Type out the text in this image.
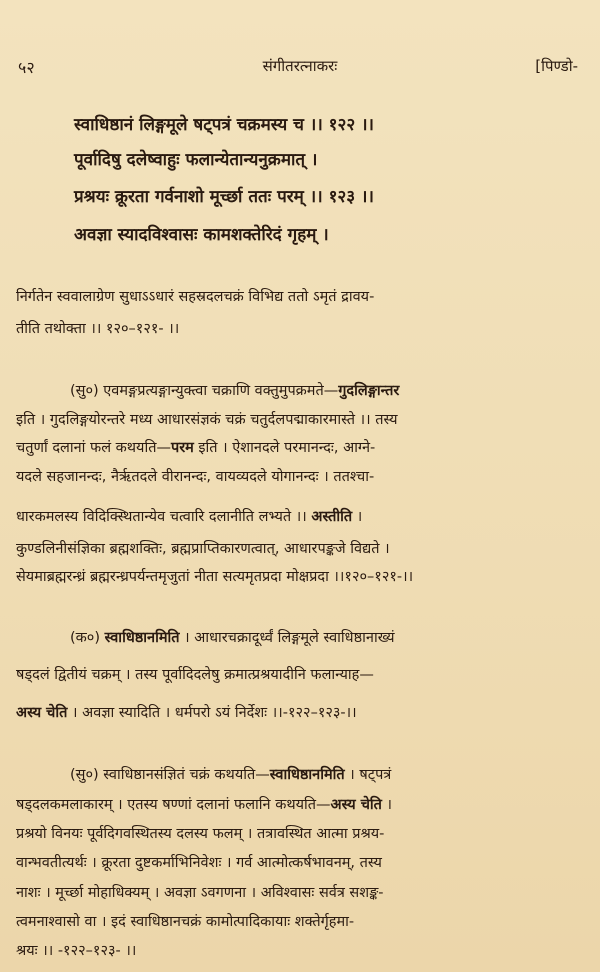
५२	संगीतरत्नाकरः	[पिण्डो-
स्वाधिष्ठानं लिङ्गमूले षट्पत्रं चक्रमस्य च ।। १२२ ।।
पूर्वादिषु दलेष्वाहुः फलान्येतान्यनुक्रमात् ।
प्रश्रयः क्रूरता गर्वनाशो मूर्च्छा ततः परम् ।। १२३ ।।
अवज्ञा स्यादविश्वासः कामशक्तेरिदं गृहम् ।
निर्गतेन स्ववालाग्रेण सुधाऽऽधारं सहस्रदलचक्रं विभिद्य ततो ऽमृतं द्रावय-
तीति तथोक्ता ।। १२०–१२१- ।।
(सु०) एवमङ्गप्रत्यङ्गान्युक्त्वा चक्राणि वक्तुमुपक्रमते—गुदलिङ्गान्तर
इति । गुदलिङ्गयोरन्तरे मध्य आधारसंज्ञकं चक्रं चतुर्दलपद्माकारमास्ते ।। तस्य
चतुर्णां दलानां फलं कथयति—परम इति । ऐशानदले परमानन्दः, आग्ने-
यदले सहजानन्दः, नैर्ऋतदले वीरानन्दः, वायव्यदले योगानन्दः । ततश्चा-
धारकमलस्य विदिक्स्थितान्येव चत्वारि दलानीति लभ्यते ।। अस्तीति ।
कुण्डलिनीसंज्ञिका ब्रह्मशक्तिः, ब्रह्मप्राप्तिकारणत्वात्, आधारपङ्कजे विद्यते ।
सेयमाब्रह्मरन्ध्रं ब्रह्मरन्ध्रपर्यन्तमृजुतां नीता सत्यमृतप्रदा मोक्षप्रदा ।।१२०–१२१-।।
(क०) स्वाधिष्ठानमिति । आधारचक्रादूर्ध्वं लिङ्गमूले स्वाधिष्ठानाख्यं
षड्दलं द्वितीयं चक्रम् । तस्य पूर्वादिदलेषु क्रमात्प्रश्रयादीनि फलान्याह—
अस्य चेति । अवज्ञा स्यादिति । धर्मपरो ऽयं निर्देशः ।।-१२२–१२३-।।
(सु०) स्वाधिष्ठानसंज्ञितं चक्रं कथयति—स्वाधिष्ठानमिति । षट्पत्रं
षड्दलकमलाकारम् । एतस्य षण्णां दलानां फलानि कथयति—अस्य चेति ।
प्रश्रयो विनयः पूर्वदिगवस्थितस्य दलस्य फलम् । तत्रावस्थित आत्मा प्रश्रय-
वान्भवतीत्यर्थः । क्रूरता दुष्टकर्माभिनिवेशः । गर्व आत्मोत्कर्षभावनम्, तस्य
नाशः । मूर्च्छा मोहाधिक्यम् । अवज्ञा ऽवगणना । अविश्वासः सर्वत्र सशङ्क-
त्वमनाश्वासो वा । इदं स्वाधिष्ठानचक्रं कामोत्पादिकायाः शक्तेर्गृहमा-
श्रयः ।। -१२२–१२३- ।।
